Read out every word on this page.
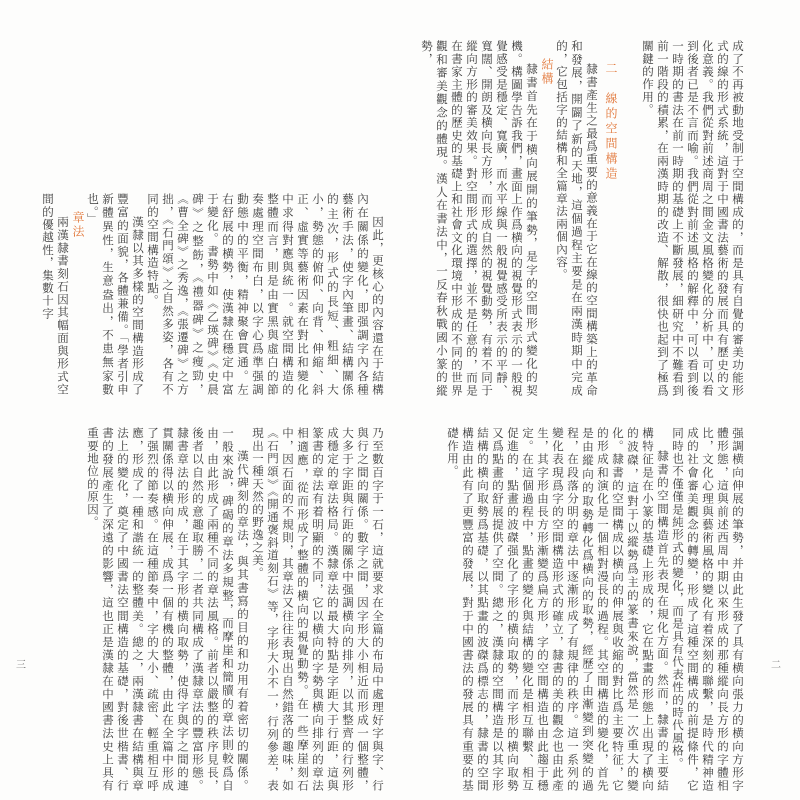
成了不再被動地受制于空間構成的，而是具有自覺的審美功能形式的線的形式系統，這對于中國書法藝術的發展而具有歷史的文化意義。我們從對前述商周之間金文風格變化的分析中，可以看到後者已是不言而喻。我們從對前述風格的解釋中，可以看到後一時期的書法在前一時期的基礎上不斷發展，細研究中不難看到前一階段的積累，在兩漢時期的改造、解散，很快也起到了極爲關鍵的作用。

二　線的空間構造

隸書產生之最爲重要的意義在于它在線的空間構築上的革命和發展，開闢了新的天地，這個過程主要是在兩漢時期中完成的，它包括字的結構和全篇章法兩個內容。

結構

隸書首先在于横向展開的筆勢，是字的空間形式變化的契機。構圖學告訴我們，畫面上作爲横向的視覺形式表示的一般視覺感受是穩定、寬廣，而水平線與一般視覺感受所表示的平靜、寬闊、開朗及横向長方形，而形成自然的視覺動勢，有着不同于縱向方形的審美效果。對空間形式的選擇，並不是任意的，而是在書家主體的歷史的基礎上和社會文化環境中形成的不同的世界觀和審美觀念的體現。漢人在書法中，一反春秋戰國小篆的縱勢，

强調横向伸展的筆勢，并由此生發了具有横向張力的横向方形字體形態，這與前述西周中期以來形成的那種縱向長方形的字體相比，文化心理與藝術風格的變化有着深刻的聯繫，是時代精神造成的社會審美觀念的轉變，形成了這種空間構成的前提條件，它同時也不僅僅是純形式的變化，而是具有代表性的時代風格。

隸書的空間構造首先表現在規化方面。然而，隸書的主要結構特征是在小篆的基礎上形成的，它在點畫的形態上出現了横向的波磔，這對于以縱勢爲主的篆書來說，當然是一次重大的變化。隸書的空間構成以横向的伸展與收縮的對比爲主要特征，它的形成和演化是一個相對漫長的過程。其空間構造的變化，首先是由縱向的取勢轉化爲横向的取勢，經歷了由漸變到突變的過程，在段落分明的章法中逐漸形成了有規律的秩序。這一系列的變化表現爲字的空間構造形式的確立，隸書的美的觀念也由此產生，其字形由長方形漸變爲扁方形，字的空間構造也由此趨于穩定。在這個過程中，點畫的變化與結構的變化是相互聯繫、相互促進的，點畫的波磔强化了字形的横向取勢，而字形的横向取勢又爲點畫的舒展提供了空間。總之，漢隸的空間構造是以其字形結構的横向取勢爲基礎，以其點畫的波磔爲標志的，隸書的空間構造由此有了更豐富的發展，對于中國書法的發展具有重要的基礎作用。

二

因此，更核心的內容還在于結構內在關係的變化，即强調字內各種藝術手法，使字內筆畫、結構關係的主次，形式的長短、粗細、大小，勢態的俯仰、向背、伸縮、斜正、虛實等藝術因素在對比和變化中求得對應與統一。就空間構造的整體而言，則是由實黑與虛白的節奏處理空間布白，以字心爲準强調動態中的平衡，精神聚會貫通。左右舒展的横勢，使漢隸在穩定中富于變化。書勢中如《乙瑛碑》《史晨碑》之整飭，《禮器碑》之瘦勁，《曹全碑》之秀逸，《張遷碑》之方拙，《石門頌》之自然多姿，各有不同的空間構造特點。

漢隸以其多樣的空間構造形成了豐富的面貌，各體兼備。「學者引申新體異性，生意盎出，不患無家數也。」

章法

兩漢隸書刻石因其幅面與形式空間的優越性，集數十字

乃至數百字于一石，這就要求在全篇的布局中處理好字與字、行與行之間的關係。數字之間，因字形大小相近而形成一個整體，大多于字距與行距的關係中强調横向的排列，以其整齊的行列形成穩定的章法格局。漢隸章法的最大特點是字距大于行距，這與篆書的章法有着明顯的不同，它以横向的字勢與横向排列的章法相適應，從而形成了整體的横向的視覺動勢。在一些摩崖刻石中，因石面的不規則，其章法又往往表現出自然錯落的趣味，如《石門頌》《開通褒斜道刻石》等，字形大小不一，行列參差，表現出一種天然的野逸之美。

漢代碑刻的章法，與其書寫的目的和功用有着密切的關係。一般來說，碑碣的章法多規整，而摩崖和簡牘的章法則較爲自由，由此形成了兩種不同的章法風格。前者以嚴整的秩序見長，後者以自然的意趣取勝，二者共同構成了漢隸章法的豐富形態。隸書章法的形成，在于其字形的横向取勢，使得字與字之間的連貫關係得以横向伸展，成爲一個有機的整體，由此在全篇中形成了强烈的節奏感。在這種節奏中，字的大小、疏密、輕重相互呼應，形成了一種和諧統一的整體美。總之，兩漢隸書在結構與章法上的變化，奠定了中國書法空間構造的基礎，對後世楷書、行書的發展產生了深遠的影響，這也正是漢隸在中國書法史上具有重要地位的原因。

三
